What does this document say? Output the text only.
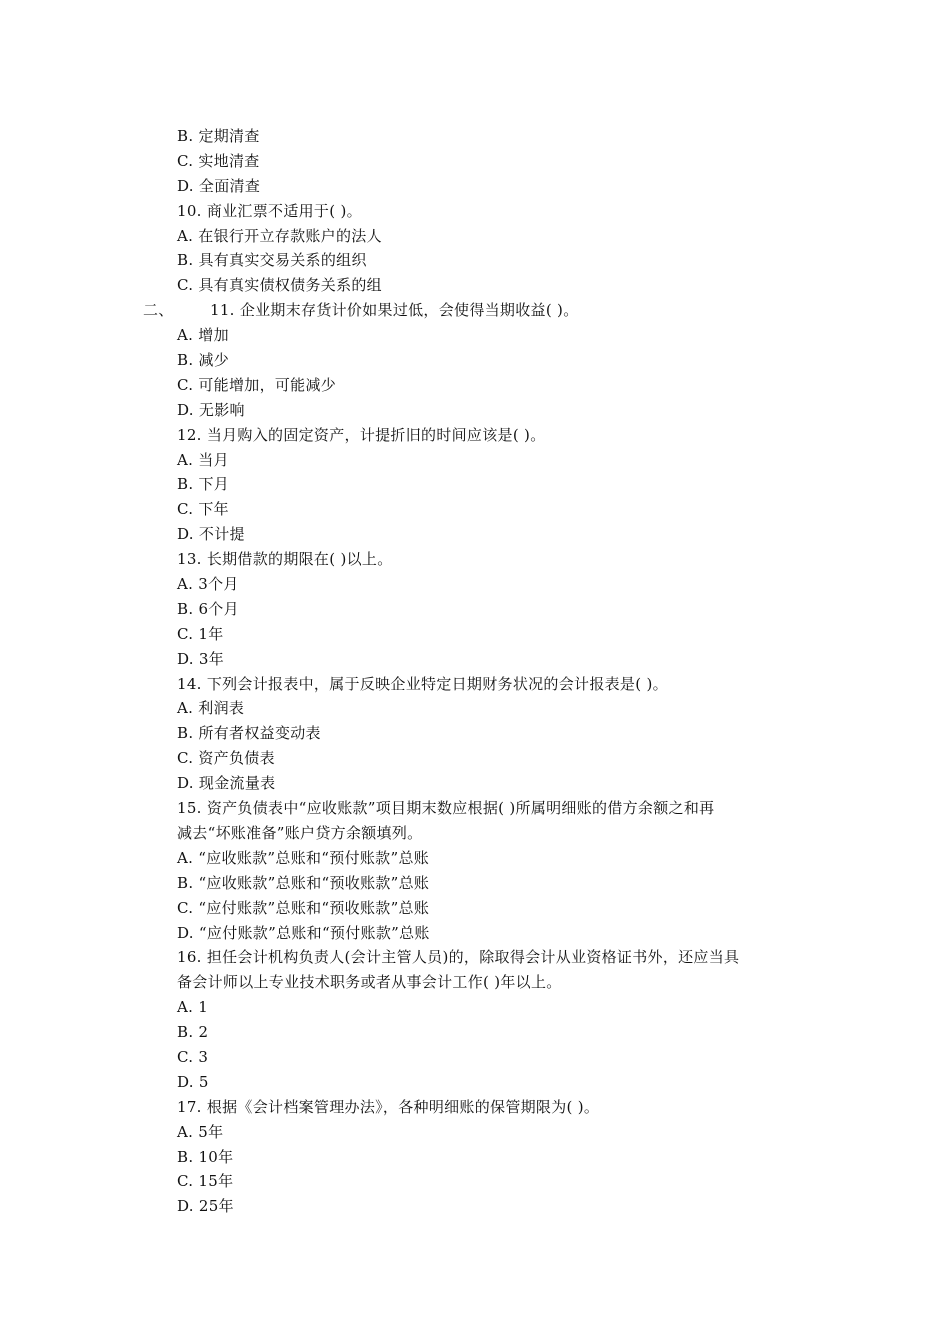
B. 定期清查
C. 实地清查
D. 全面清查
10. 商业汇票不适用于( )。
A. 在银行开立存款账户的法人
B. 具有真实交易关系的组织
C. 具有真实债权债务关系的组
二、 11. 企业期末存货计价如果过低，会使得当期收益( )。
A. 增加
B. 减少
C. 可能增加，可能减少
D. 无影响
12. 当月购入的固定资产，计提折旧的时间应该是( )。
A. 当月
B. 下月
C. 下年
D. 不计提
13. 长期借款的期限在( )以上。
A. 3个月
B. 6个月
C. 1年
D. 3年
14. 下列会计报表中，属于反映企业特定日期财务状况的会计报表是( )。
A. 利润表
B. 所有者权益变动表
C. 资产负债表
D. 现金流量表
15. 资产负债表中“应收账款”项目期末数应根据( )所属明细账的借方余额之和再
减去“坏账准备”账户贷方余额填列。
A. “应收账款”总账和“预付账款”总账
B. “应收账款”总账和“预收账款”总账
C. “应付账款”总账和“预收账款”总账
D. “应付账款”总账和“预付账款”总账
16. 担任会计机构负责人(会计主管人员)的，除取得会计从业资格证书外，还应当具
备会计师以上专业技术职务或者从事会计工作( )年以上。
A. 1
B. 2
C. 3
D. 5
17. 根据《会计档案管理办法》，各种明细账的保管期限为( )。
A. 5年
B. 10年
C. 15年
D. 25年
